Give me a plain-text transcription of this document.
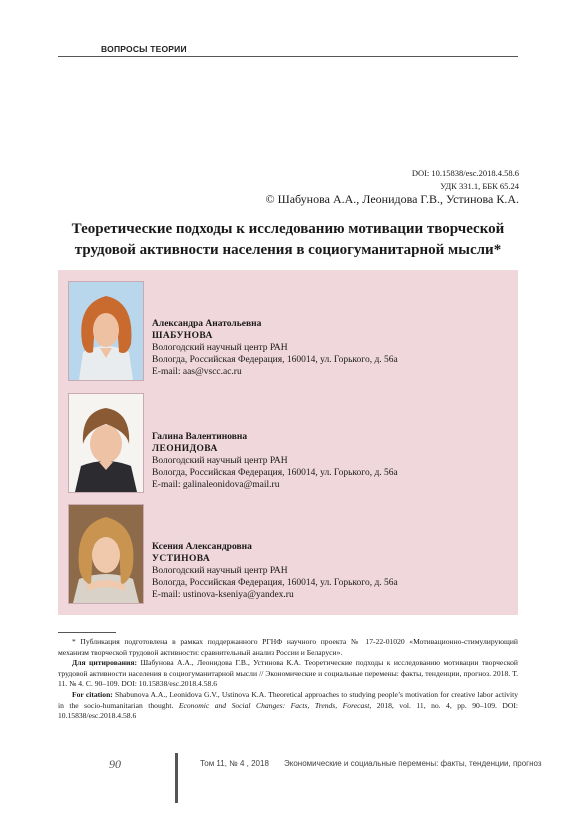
ВОПРОСЫ ТЕОРИИ
DOI: 10.15838/esc.2018.4.58.6
УДК 331.1, ББК 65.24
© Шабунова А.А., Леонидова Г.В., Устинова К.А.
Теоретические подходы к исследованию мотивации творческой
трудовой активности населения в социогуманитарной мысли*
Александра Анатольевна
ШАБУНОВА
Вологодский научный центр РАН
Вологда, Российская Федерация, 160014, ул. Горького, д. 56а
E-mail: aas@vscc.ac.ru
Галина Валентиновна
ЛЕОНИДОВА
Вологодский научный центр РАН
Вологда, Российская Федерация, 160014, ул. Горького, д. 56а
E-mail: galinaleonidova@mail.ru
Ксения Александровна
УСТИНОВА
Вологодский научный центр РАН
Вологда, Российская Федерация, 160014, ул. Горького, д. 56а
E-mail: ustinova-kseniya@yandex.ru

* Публикация подготовлена в рамках поддержанного РГНФ научного проекта № 17-22-01020 «Мотивационно-стимулирующий механизм творческой трудовой активности: сравнительный анализ России и Беларуси».

Для цитирования: Шабунова А.А., Леонидова Г.В., Устинова К.А. Теоретические подходы к исследованию мотивации творческой трудовой активности населения в социогуманитарной мысли // Экономические и социальные перемены: факты, тенденции, прогноз. 2018. Т. 11. № 4. С. 90–109. DOI: 10.15838/esc.2018.4.58.6

For citation: Shabunova A.A., Leonidova G.V., Ustinova K.A. Theoretical approaches to studying people’s motivation for creative labor activity in the socio-humanitarian thought. Economic and Social Changes: Facts, Trends, Forecast, 2018, vol. 11, no. 4, pp. 90–109. DOI: 10.15838/esc.2018.4.58.6

90	Том 11, № 4 , 2018 Экономические и социальные перемены: факты, тенденции, прогноз
